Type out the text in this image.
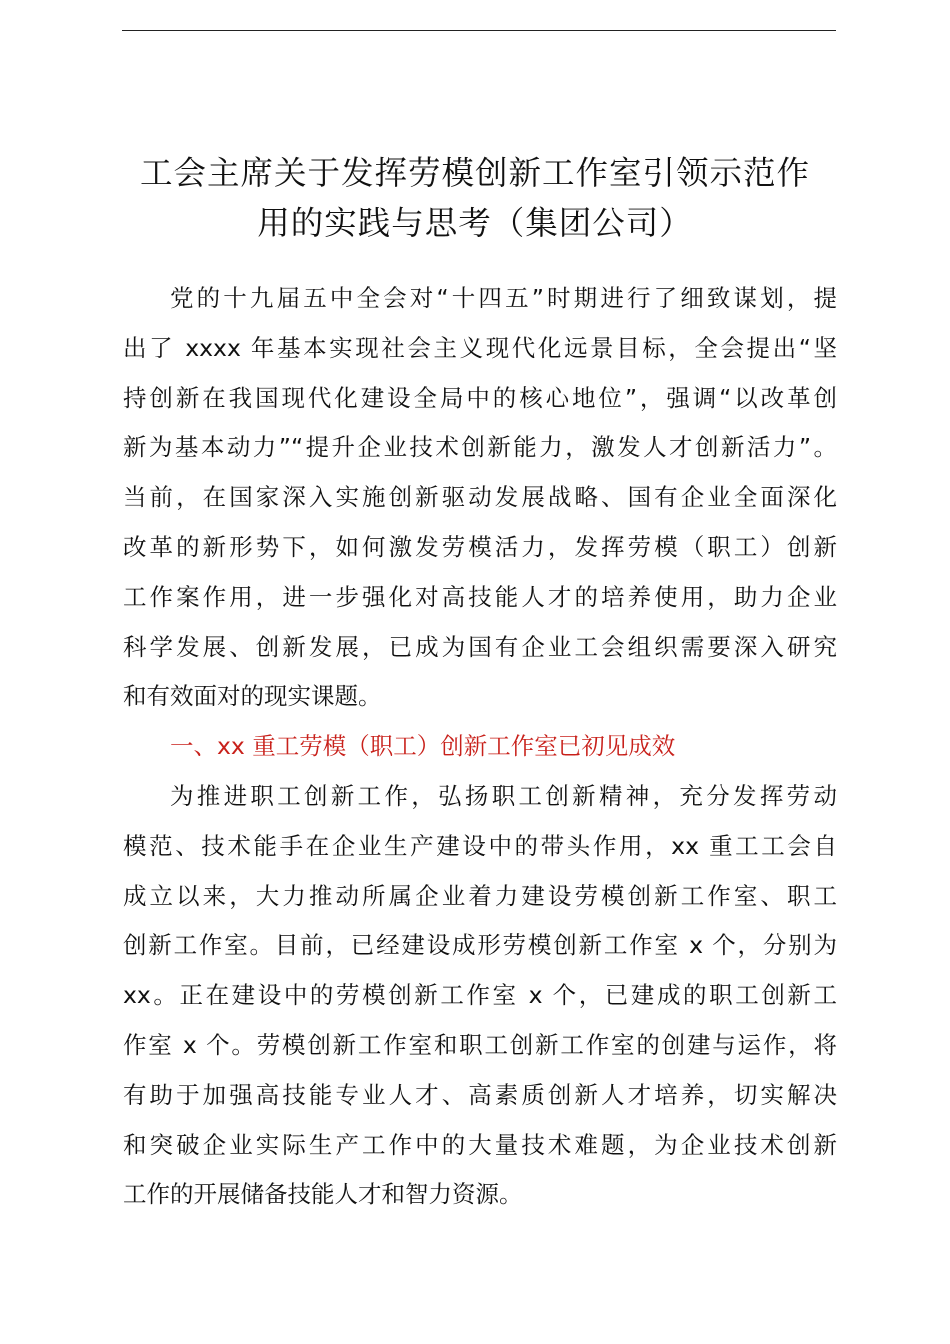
工会主席关于发挥劳模创新工作室引领示范作
用的实践与思考（集团公司）

党的十九届五中全会对“十四五”时期进行了细致谋划，提
出了 xxxx 年基本实现社会主义现代化远景目标，全会提出“坚
持创新在我国现代化建设全局中的核心地位”，强调“以改革创
新为基本动力”“提升企业技术创新能力，激发人才创新活力”。
当前，在国家深入实施创新驱动发展战略、国有企业全面深化
改革的新形势下，如何激发劳模活力，发挥劳模（职工）创新
工作案作用，进一步强化对高技能人才的培养使用，助力企业
科学发展、创新发展，已成为国有企业工会组织需要深入研究
和有效面对的现实课题。

一、xx 重工劳模（职工）创新工作室已初见成效

为推进职工创新工作，弘扬职工创新精神，充分发挥劳动
模范、技术能手在企业生产建设中的带头作用，xx 重工工会自
成立以来，大力推动所属企业着力建设劳模创新工作室、职工
创新工作室。目前，已经建设成形劳模创新工作室 x 个，分别为
xx。正在建设中的劳模创新工作室 x 个，已建成的职工创新工
作室 x 个。劳模创新工作室和职工创新工作室的创建与运作，将
有助于加强高技能专业人才、高素质创新人才培养，切实解决
和突破企业实际生产工作中的大量技术难题，为企业技术创新
工作的开展储备技能人才和智力资源。
